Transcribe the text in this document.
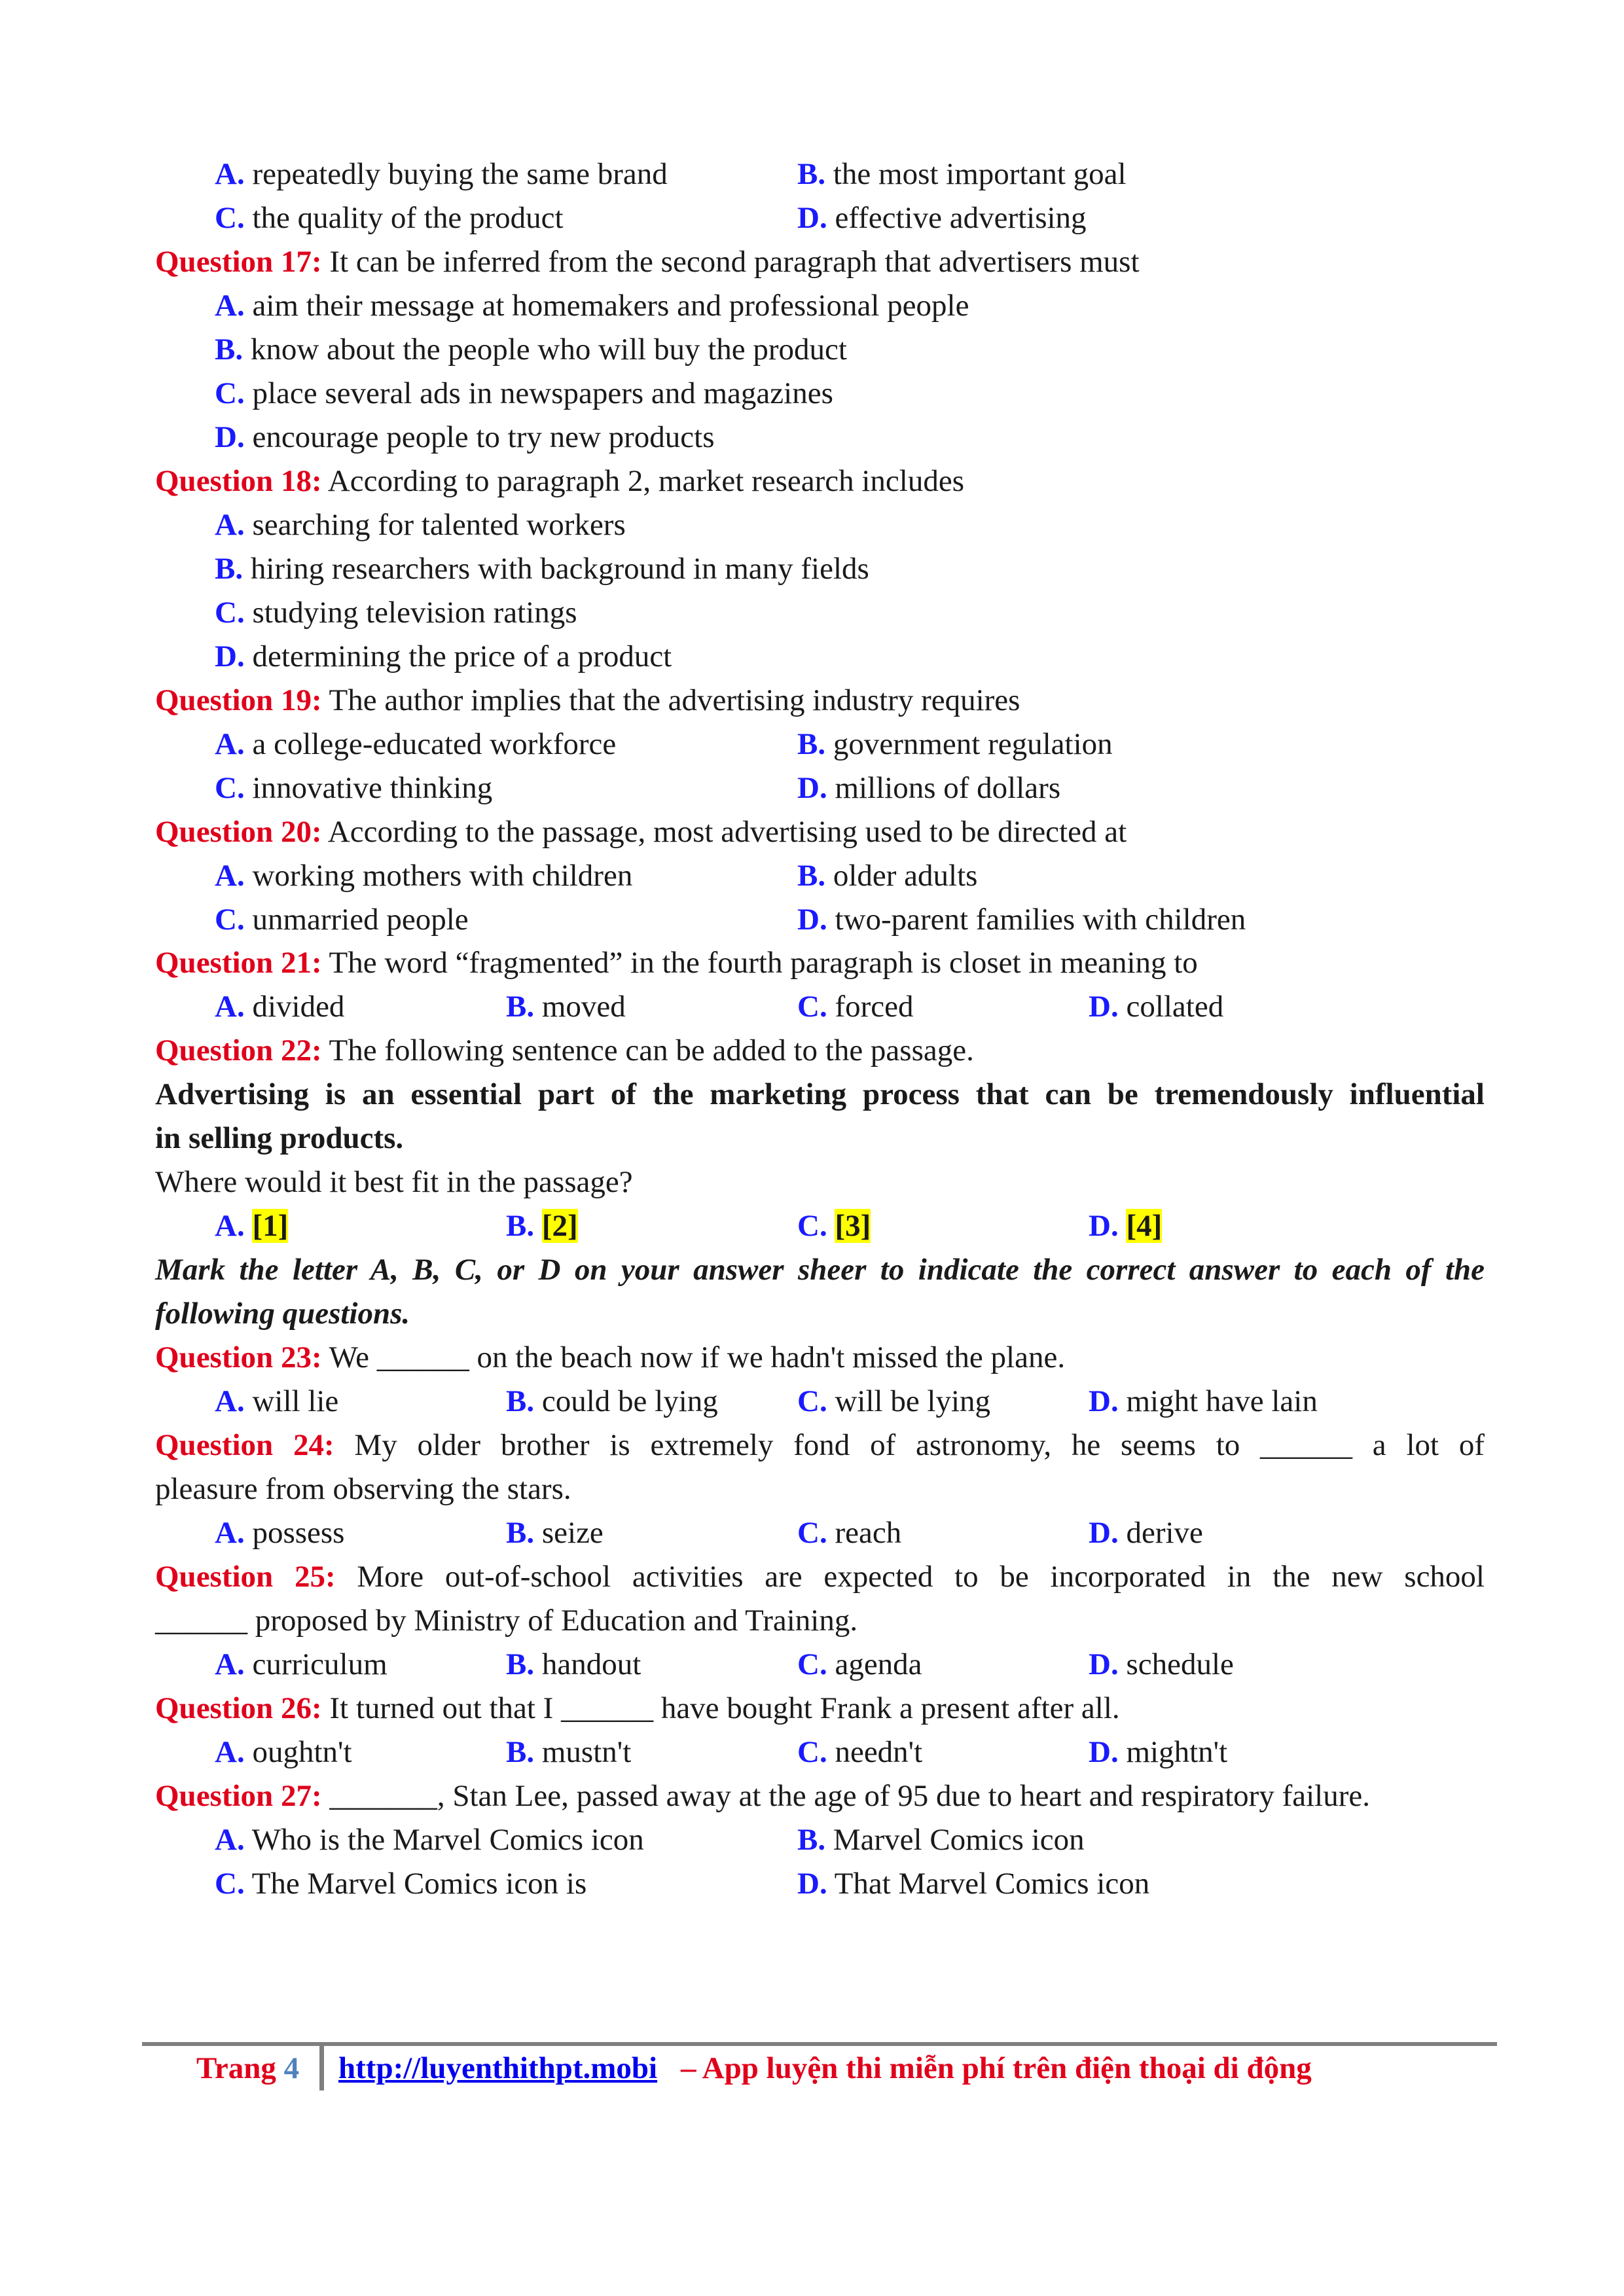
A. repeatedly buying the same brand	B. the most important goal
C. the quality of the product	D. effective advertising
Question 17: It can be inferred from the second paragraph that advertisers must
A. aim their message at homemakers and professional people
B. know about the people who will buy the product
C. place several ads in newspapers and magazines
D. encourage people to try new products
Question 18: According to paragraph 2, market research includes
A. searching for talented workers
B. hiring researchers with background in many fields
C. studying television ratings
D. determining the price of a product
Question 19: The author implies that the advertising industry requires
A. a college-educated workforce	B. government regulation
C. innovative thinking	D. millions of dollars
Question 20: According to the passage, most advertising used to be directed at
A. working mothers with children	B. older adults
C. unmarried people	D. two-parent families with children
Question 21: The word “fragmented” in the fourth paragraph is closet in meaning to
A. divided	B. moved	C. forced	D. collated
Question 22: The following sentence can be added to the passage.
Advertising is an essential part of the marketing process that can be tremendously influential
in selling products.
Where would it best fit in the passage?
A. [1]	B. [2]	C. [3]	D. [4]
Mark the letter A, B, C, or D on your answer sheer to indicate the correct answer to each of the
following questions.
Question 23: We ______ on the beach now if we hadn't missed the plane.
A. will lie	B. could be lying	C. will be lying	D. might have lain
Question 24: My older brother is extremely fond of astronomy, he seems to ______ a lot of
pleasure from observing the stars.
A. possess	B. seize	C. reach	D. derive
Question 25: More out-of-school activities are expected to be incorporated in the new school
______ proposed by Ministry of Education and Training.
A. curriculum	B. handout	C. agenda	D. schedule
Question 26: It turned out that I ______ have bought Frank a present after all.
A. oughtn't	B. mustn't	C. needn't	D. mightn't
Question 27: _______, Stan Lee, passed away at the age of 95 due to heart and respiratory failure.
A. Who is the Marvel Comics icon	B. Marvel Comics icon
C. The Marvel Comics icon is	D. That Marvel Comics icon
Trang 4 http://luyenthithpt.mobi – App luyện thi miễn phí trên điện thoại di động
